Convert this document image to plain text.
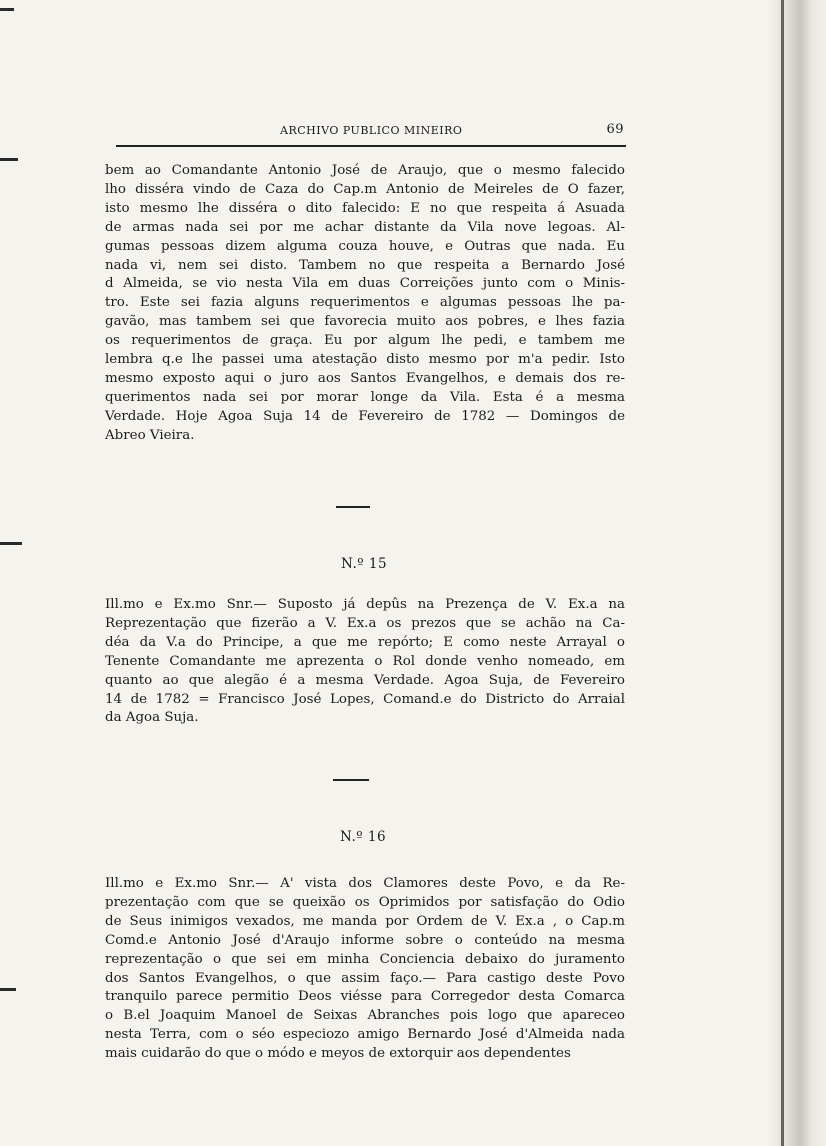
ARCHIVO PUBLICO MINEIRO	69

bem ao Comandante Antonio José de Araujo, que o mesmo falecido
lho disséra vindo de Caza do Cap.m Antonio de Meireles de O fazer,
isto mesmo lhe disséra o dito falecido: E no que respeita á Asuada
de armas nada sei por me achar distante da Vila nove legoas. Al-
gumas pessoas dizem alguma couza houve, e Outras que nada. Eu
nada vi, nem sei disto. Tambem no que respeita a Bernardo José
d Almeida, se vio nesta Vila em duas Correições junto com o Minis-
tro. Este sei fazia alguns requerimentos e algumas pessoas lhe pa-
gavão, mas tambem sei que favorecia muito aos pobres, e lhes fazia
os requerimentos de graça. Eu por algum lhe pedi, e tambem me
lembra q.e lhe passei uma atestação disto mesmo por m'a pedir. Isto
mesmo exposto aqui o juro aos Santos Evangelhos, e demais dos re-
querimentos nada sei por morar longe da Vila. Esta é a mesma
Verdade. Hoje Agoa Suja 14 de Fevereiro de 1782 — Domingos de
Abreo Vieira.

N.º 15

Ill.mo e Ex.mo Snr.— Suposto já depûs na Prezença de V. Ex.a na
Reprezentação que fizerão a V. Ex.a os prezos que se achão na Ca-
déa da V.a do Principe, a que me repórto; E como neste Arrayal o
Tenente Comandante me aprezenta o Rol donde venho nomeado, em
quanto ao que alegão é a mesma Verdade. Agoa Suja, de Fevereiro
14 de 1782 = Francisco José Lopes, Comand.e do Districto do Arraial
da Agoa Suja.

N.º 16

Ill.mo e Ex.mo Snr.— A' vista dos Clamores deste Povo, e da Re-
prezentação com que se queixão os Oprimidos por satisfação do Odio
de Seus inimigos vexados, me manda por Ordem de V. Ex.a , o Cap.m
Comd.e Antonio José d'Araujo informe sobre o conteúdo na mesma
reprezentação o que sei em minha Conciencia debaixo do juramento
dos Santos Evangelhos, o que assim faço.— Para castigo deste Povo
tranquilo parece permitio Deos viésse para Corregedor desta Comarca
o B.el Joaquim Manoel de Seixas Abranches pois logo que apareceo
nesta Terra, com o séo especiozo amigo Bernardo José d'Almeida nada
mais cuidarão do que o módo e meyos de extorquir aos dependentes
